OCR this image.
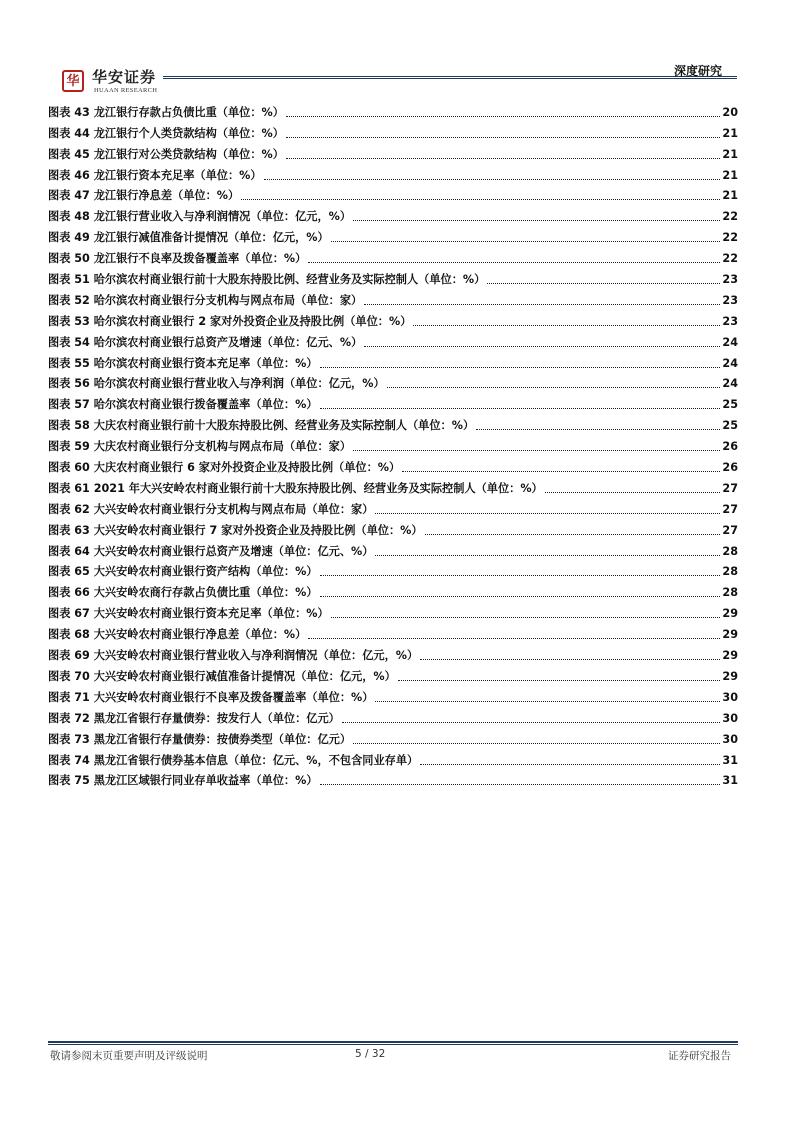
华 华安证券
HUAAN RESEARCH
深度研究
图表 43 龙江银行存款占负债比重（单位：%）	20
图表 44 龙江银行个人类贷款结构（单位：%）	21
图表 45 龙江银行对公类贷款结构（单位：%）	21
图表 46 龙江银行资本充足率（单位：%）	21
图表 47 龙江银行净息差（单位：%）	21
图表 48 龙江银行营业收入与净利润情况（单位：亿元，%）	22
图表 49 龙江银行减值准备计提情况（单位：亿元，%）	22
图表 50 龙江银行不良率及拨备覆盖率（单位：%）	22
图表 51 哈尔滨农村商业银行前十大股东持股比例、经营业务及实际控制人（单位：%）	23
图表 52 哈尔滨农村商业银行分支机构与网点布局（单位：家）	23
图表 53 哈尔滨农村商业银行 2 家对外投资企业及持股比例（单位：%）	23
图表 54 哈尔滨农村商业银行总资产及增速（单位：亿元、%）	24
图表 55 哈尔滨农村商业银行资本充足率（单位：%）	24
图表 56 哈尔滨农村商业银行营业收入与净利润（单位：亿元，%）	24
图表 57 哈尔滨农村商业银行拨备覆盖率（单位：%）	25
图表 58 大庆农村商业银行前十大股东持股比例、经营业务及实际控制人（单位：%）	25
图表 59 大庆农村商业银行分支机构与网点布局（单位：家）	26
图表 60 大庆农村商业银行 6 家对外投资企业及持股比例（单位：%）	26
图表 61 2021 年大兴安岭农村商业银行前十大股东持股比例、经营业务及实际控制人（单位：%）	27
图表 62 大兴安岭农村商业银行分支机构与网点布局（单位：家）	27
图表 63 大兴安岭农村商业银行 7 家对外投资企业及持股比例（单位：%）	27
图表 64 大兴安岭农村商业银行总资产及增速（单位：亿元、%）	28
图表 65 大兴安岭农村商业银行资产结构（单位：%）	28
图表 66 大兴安岭农商行存款占负债比重（单位：%）	28
图表 67 大兴安岭农村商业银行资本充足率（单位：%）	29
图表 68 大兴安岭农村商业银行净息差（单位：%）	29
图表 69 大兴安岭农村商业银行营业收入与净利润情况（单位：亿元，%）	29
图表 70 大兴安岭农村商业银行减值准备计提情况（单位：亿元，%）	29
图表 71 大兴安岭农村商业银行不良率及拨备覆盖率（单位：%）	30
图表 72 黑龙江省银行存量债券：按发行人（单位：亿元）	30
图表 73 黑龙江省银行存量债券：按债券类型（单位：亿元）	30
图表 74 黑龙江省银行债券基本信息（单位：亿元、%，不包含同业存单）	31
图表 75 黑龙江区域银行同业存单收益率（单位：%）	31
敬请参阅末页重要声明及评级说明	5 / 32	证券研究报告
